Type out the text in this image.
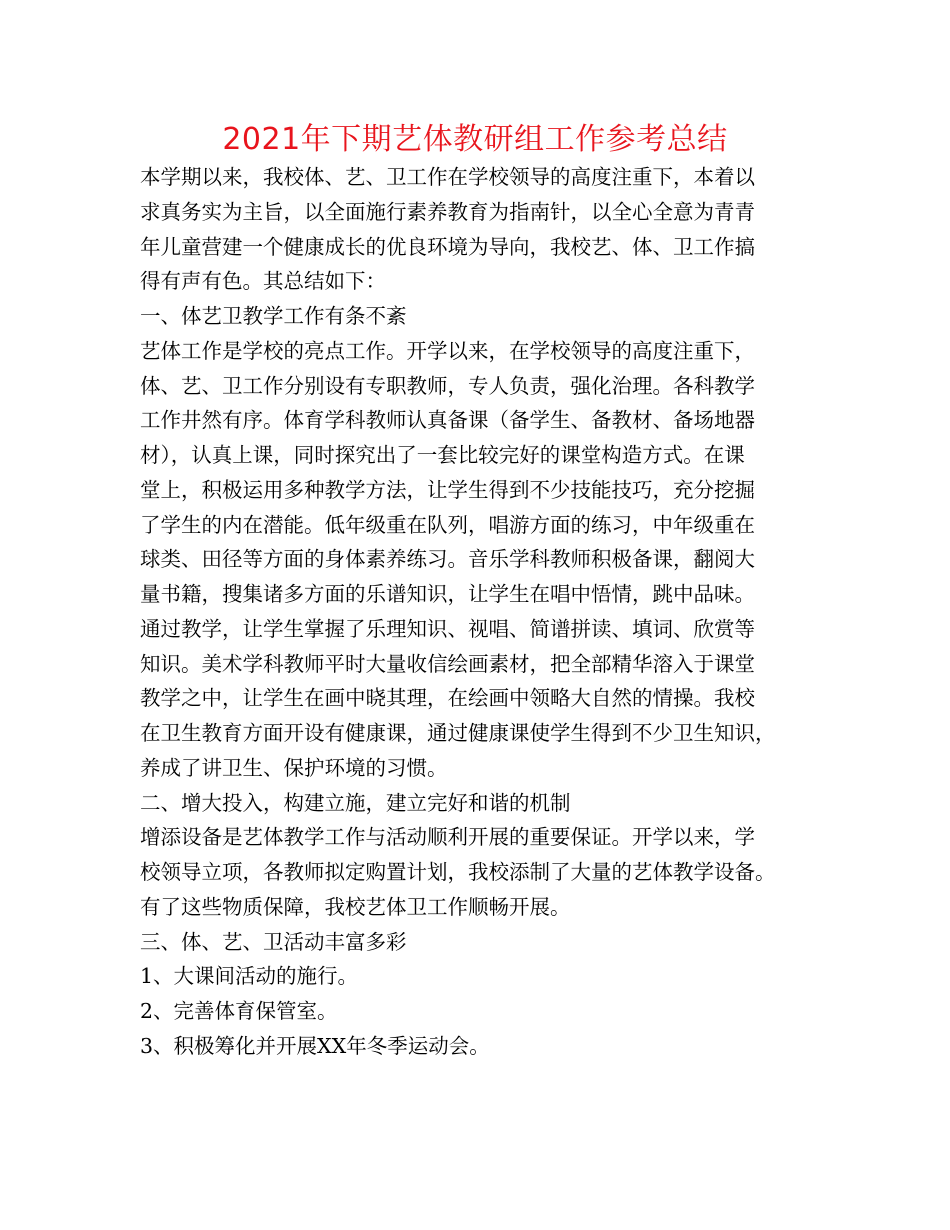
2021年下期艺体教研组工作参考总结

本学期以来，我校体、艺、卫工作在学校领导的高度注重下，本着以

求真务实为主旨，以全面施行素养教育为指南针，以全心全意为青青

年儿童营建一个健康成长的优良环境为导向，我校艺、体、卫工作搞

得有声有色。其总结如下：

一、体艺卫教学工作有条不紊

艺体工作是学校的亮点工作。开学以来，在学校领导的高度注重下，

体、艺、卫工作分别设有专职教师，专人负责，强化治理。各科教学

工作井然有序。体育学科教师认真备课（备学生、备教材、备场地器

材），认真上课，同时探究出了一套比较完好的课堂构造方式。在课

堂上，积极运用多种教学方法，让学生得到不少技能技巧，充分挖掘

了学生的内在潜能。低年级重在队列，唱游方面的练习，中年级重在

球类、田径等方面的身体素养练习。音乐学科教师积极备课，翻阅大

量书籍，搜集诸多方面的乐谱知识，让学生在唱中悟情，跳中品味。

通过教学，让学生掌握了乐理知识、视唱、简谱拼读、填词、欣赏等

知识。美术学科教师平时大量收信绘画素材，把全部精华溶入于课堂

教学之中，让学生在画中晓其理，在绘画中领略大自然的情操。我校

在卫生教育方面开设有健康课，通过健康课使学生得到不少卫生知识，

养成了讲卫生、保护环境的习惯。

二、增大投入，构建立施，建立完好和谐的机制

增添设备是艺体教学工作与活动顺利开展的重要保证。开学以来，学

校领导立项，各教师拟定购置计划，我校添制了大量的艺体教学设备。

有了这些物质保障，我校艺体卫工作顺畅开展。

三、体、艺、卫活动丰富多彩

1、大课间活动的施行。

2、完善体育保管室。

3、积极筹化并开展XX年冬季运动会。
